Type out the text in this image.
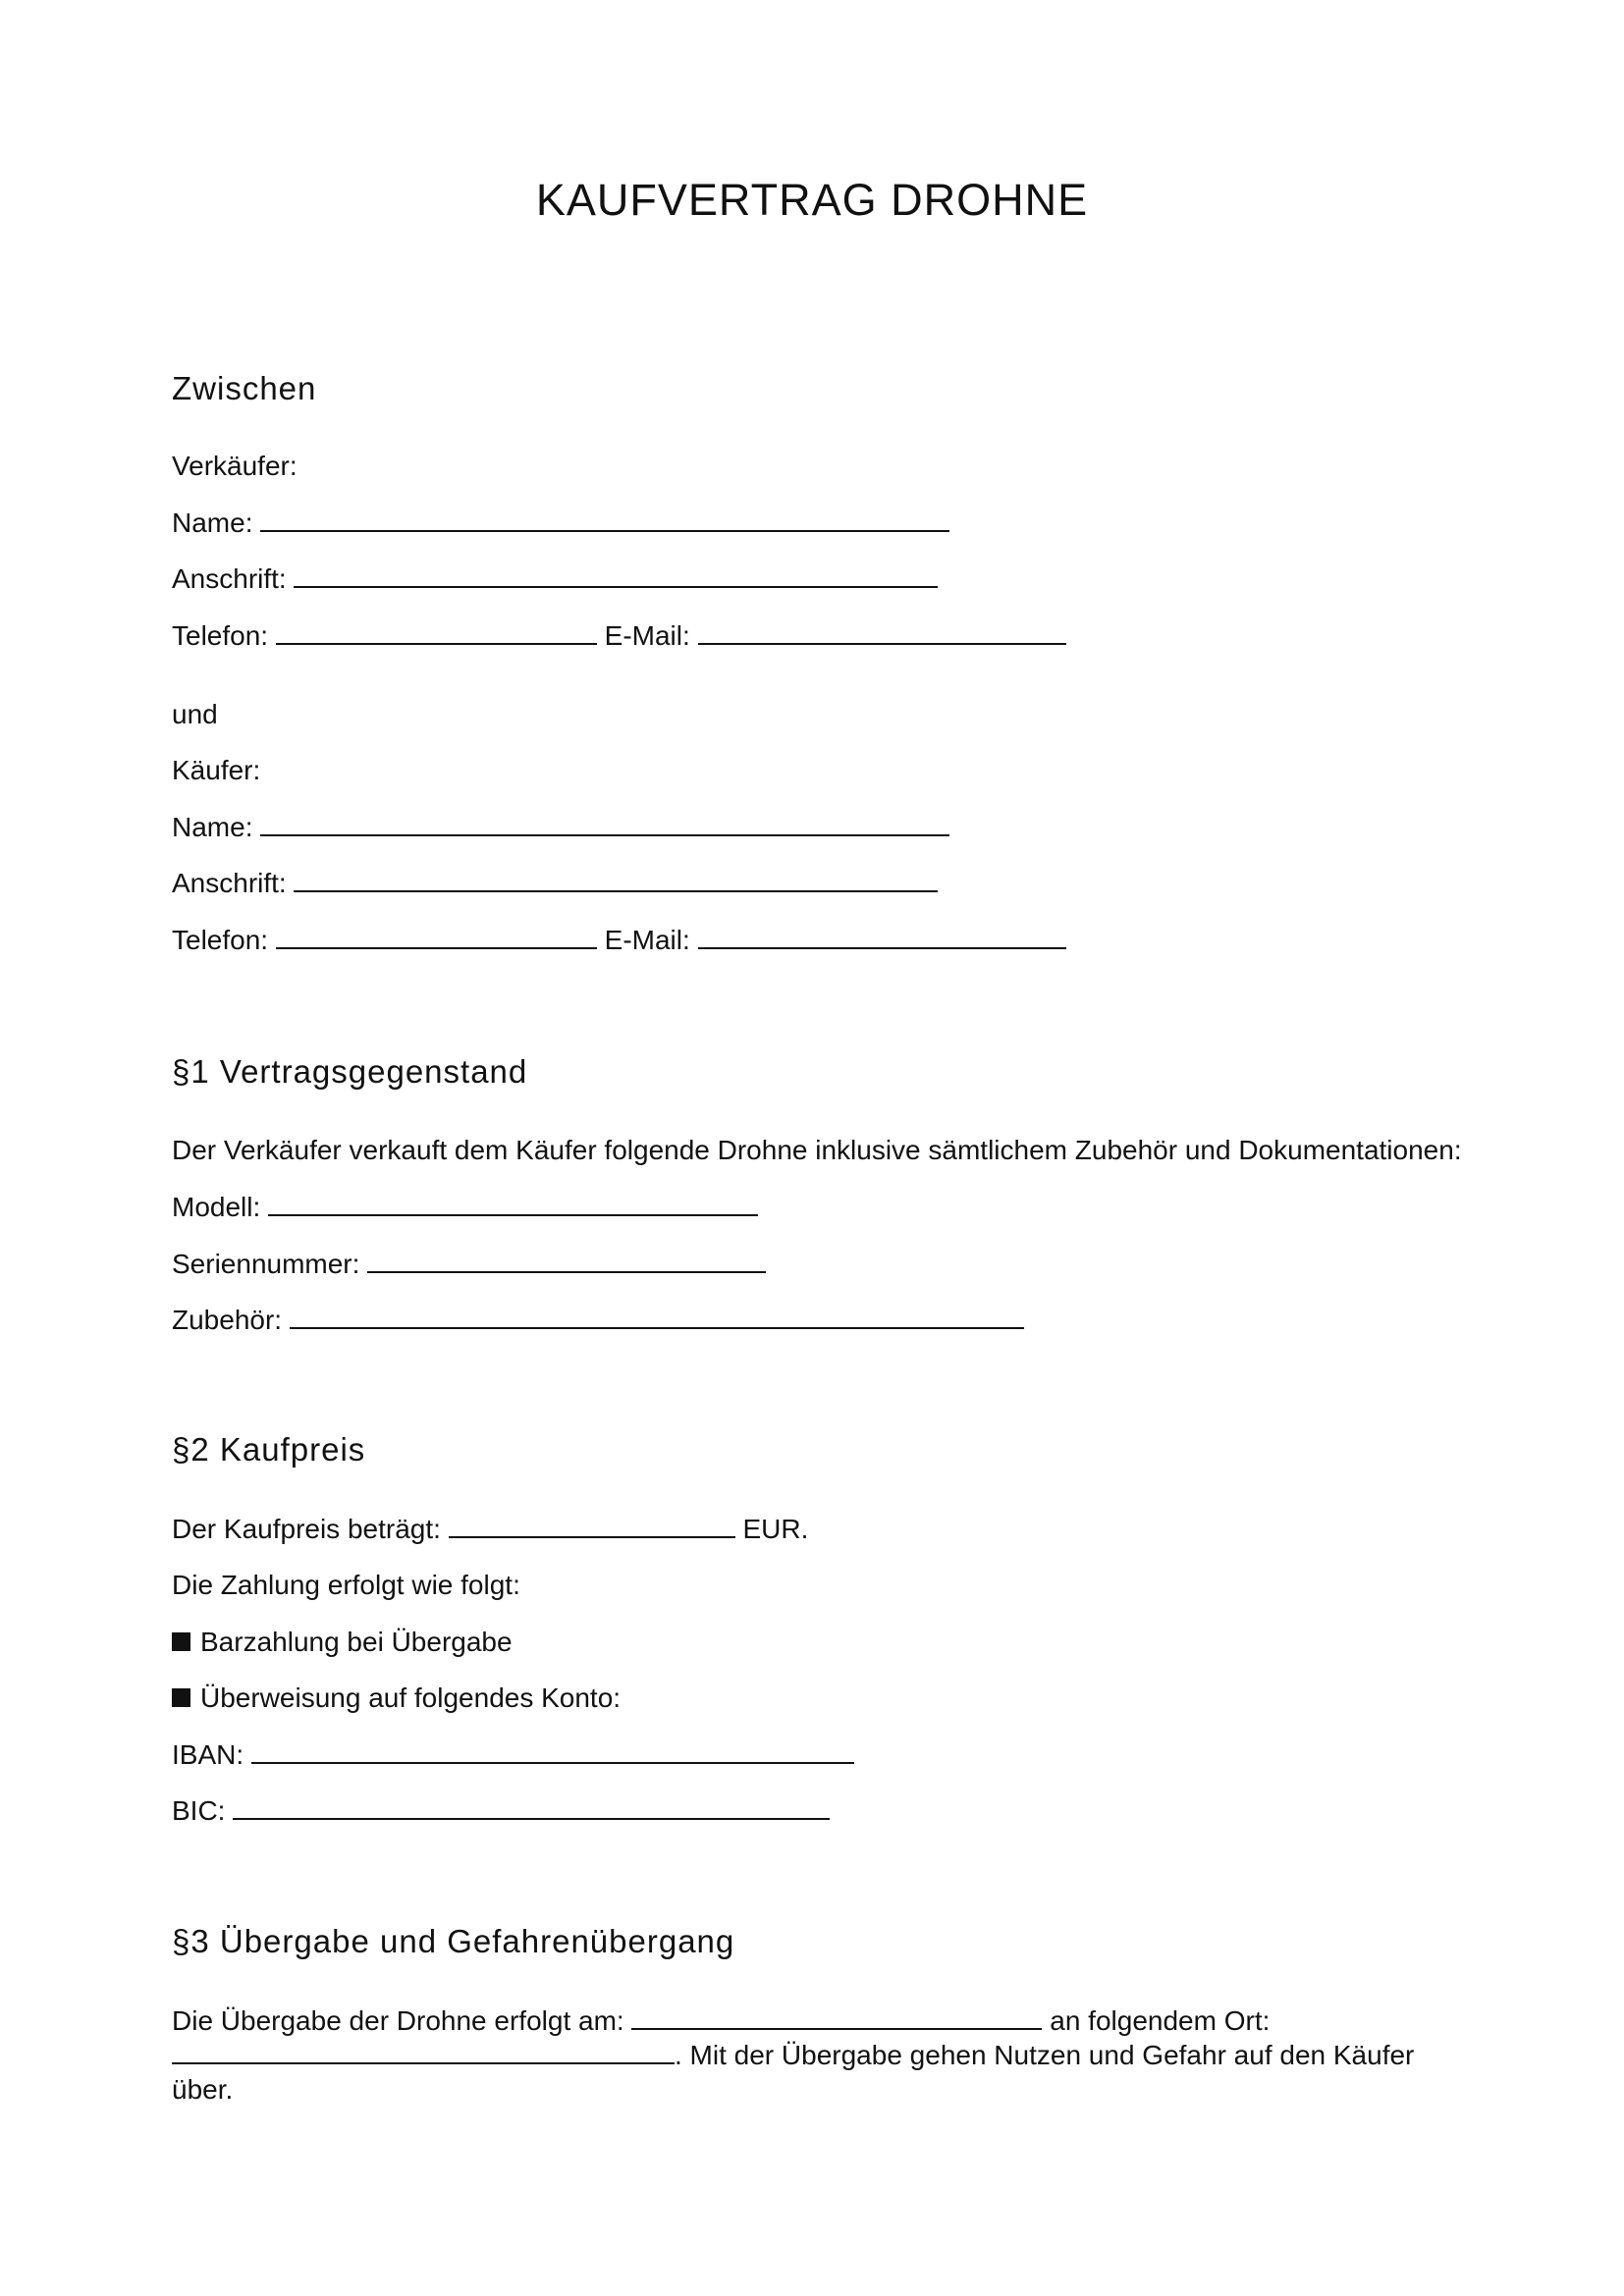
KAUFVERTRAG DROHNE
Zwischen
Verkäufer:
Name:
Anschrift:
Telefon:	E-Mail:
und
Käufer:
Name:
Anschrift:
Telefon:	E-Mail:
§1 Vertragsgegenstand
Der Verkäufer verkauft dem Käufer folgende Drohne inklusive sämtlichem Zubehör und Dokumentationen:
Modell:
Seriennummer:
Zubehör:
§2 Kaufpreis
Der Kaufpreis beträgt:	EUR.
Die Zahlung erfolgt wie folgt:
Barzahlung bei Übergabe
Überweisung auf folgendes Konto:
IBAN:
BIC:
§3 Übergabe und Gefahrenübergang
Die Übergabe der Drohne erfolgt am:	an folgendem Ort:
. Mit der Übergabe gehen Nutzen und Gefahr auf den Käufer
über.
